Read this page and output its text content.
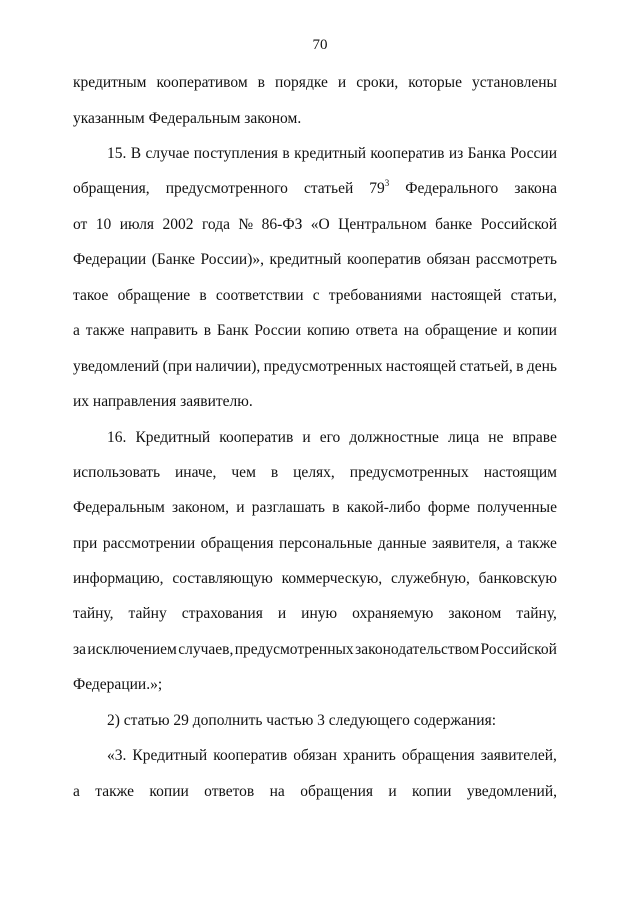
70
кредитным кооперативом в порядке и сроки, которые установлены
указанным Федеральным законом.
15. В случае поступления в кредитный кооператив из Банка России
обращения, предусмотренного статьей $79^3$ Федерального закона
от 10 июля 2002 года № 86-ФЗ «О Центральном банке Российской
Федерации (Банке России)», кредитный кооператив обязан рассмотреть
такое обращение в соответствии с требованиями настоящей статьи,
а также направить в Банк России копию ответа на обращение и копии
уведомлений (при наличии), предусмотренных настоящей статьей, в день
их направления заявителю.
16. Кредитный кооператив и его должностные лица не вправе
использовать иначе, чем в целях, предусмотренных настоящим
Федеральным законом, и разглашать в какой-либо форме полученные
при рассмотрении обращения персональные данные заявителя, а также
информацию, составляющую коммерческую, служебную, банковскую
тайну, тайну страхования и иную охраняемую законом тайну,
за исключением случаев, предусмотренных законодательством Российской
Федерации.»;
2) статью 29 дополнить частью 3 следующего содержания:
«3. Кредитный кооператив обязан хранить обращения заявителей,
а также копии ответов на обращения и копии уведомлений,
